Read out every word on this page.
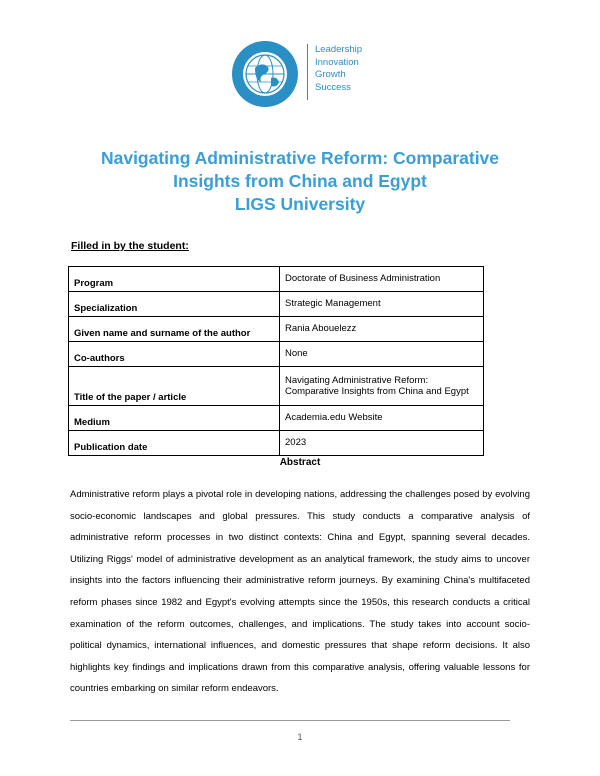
Leadership
Innovation
Growth
Success
Navigating Administrative Reform: Comparative
Insights from China and Egypt
LIGS University
Filled in by the student:
Program	Doctorate of Business Administration
Specialization	Strategic Management
Given name and surname of the author	Rania Abouelezz
Co-authors	None
Title of the paper / article	Navigating Administrative Reform:
Comparative Insights from China and Egypt

Medium	Academia.edu Website
Publication date	2023
Abstract
Administrative reform plays a pivotal role in developing nations, addressing the challenges posed by evolving socio-economic landscapes and global pressures. This study conducts a comparative analysis of administrative reform processes in two distinct contexts: China and Egypt, spanning several decades. Utilizing Riggs' model of administrative development as an analytical framework, the study aims to uncover insights into the factors influencing their administrative reform journeys. By examining China's multifaceted reform phases since 1982 and Egypt's evolving attempts since the 1950s, this research conducts a critical examination of the reform outcomes, challenges, and implications. The study takes into account socio-political dynamics, international influences, and domestic pressures that shape reform decisions. It also highlights key findings and implications drawn from this comparative analysis, offering valuable lessons for countries embarking on similar reform endeavors.
1
